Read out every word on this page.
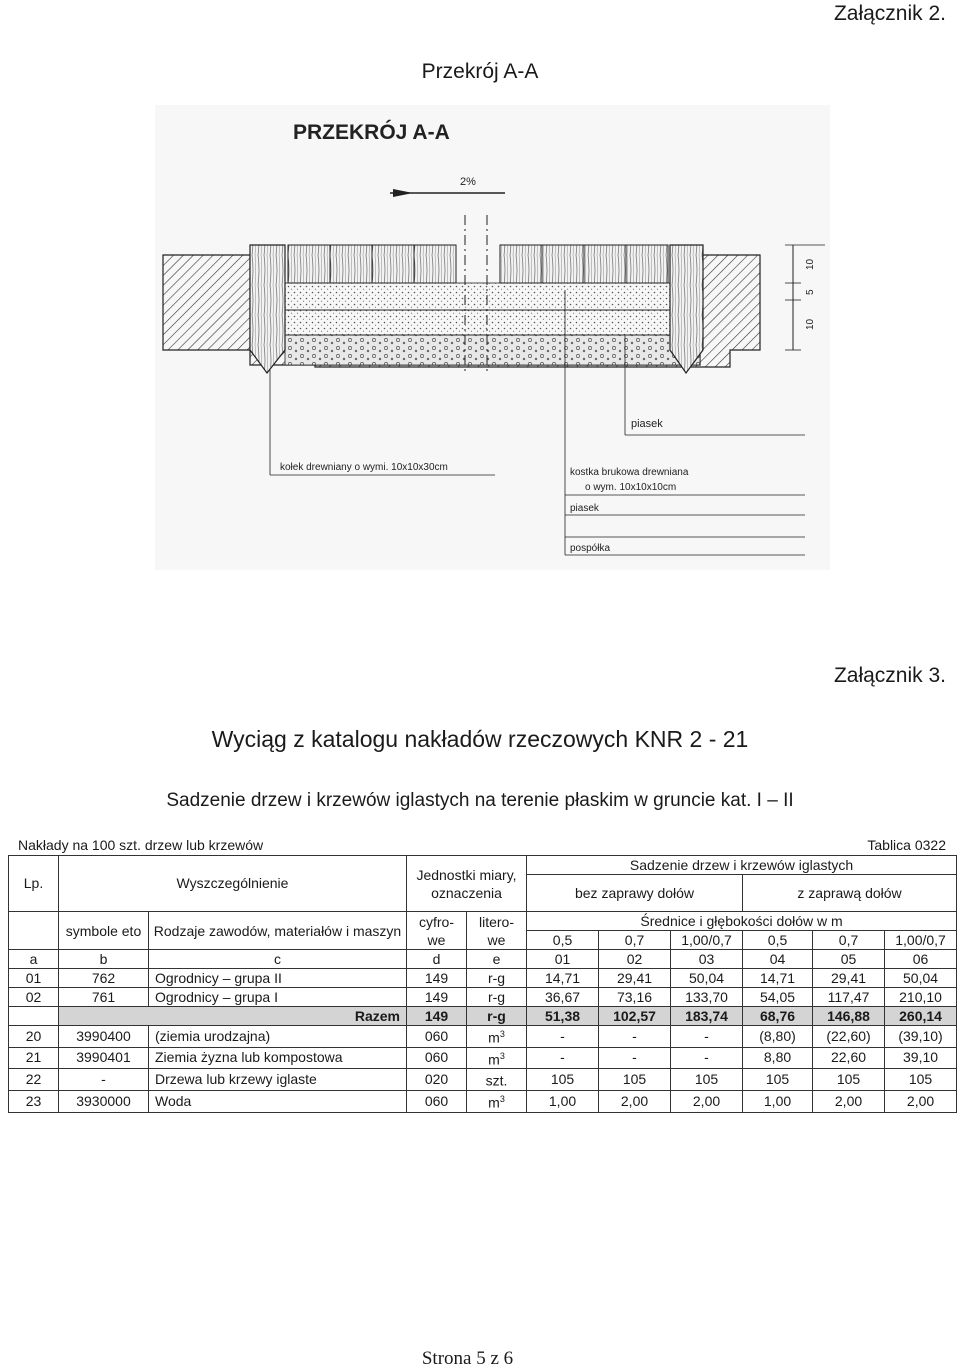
Załącznik 2.
Przekrój A-A
PRZEKRÓJ A-A
2%
10
5
10
piasek
kołek drewniany o wymi. 10x10x30cm	kostka brukowa drewniana
o wym. 10x10x10cm
piasek
pospółka
Załącznik 3.
Wyciąg z katalogu nakładów rzeczowych KNR 2 - 21
Sadzenie drzew i krzewów iglastych na terenie płaskim w gruncie kat. I – II
Nakłady na 100 szt. drzew lub krzewów	Tablica 0322
Lp.	Wyszczególnienie		Jednostki miary, oznaczenia		Sadzenie drzew i krzewów iglastych					
					bez zaprawy dołów			z zaprawą dołów		
	symbole eto	Rodzaje zawodów, materiałów i maszyn	cyfro- we	litero- we	Średnice i głębokości dołów w m					
					0,5	0,7	1,00/0,7	0,5	0,7	1,00/0,7
a	b	c	d	e	01	02	03	04	05	06
01	762	Ogrodnicy – grupa II	149	r-g	14,71	29,41	50,04	14,71	29,41	50,04
02	761	Ogrodnicy – grupa I	149	r-g	36,67	73,16	133,70	54,05	117,47	210,10
	Razem		149	r-g	51,38	102,57	183,74	68,76	146,88	260,14
20	3990400	(ziemia urodzajna)	060	$m^3$	-	-	-	(8,80)	(22,60)	(39,10)
21	3990401	Ziemia żyzna lub kompostowa	060	$m^3$	-	-	-	8,80	22,60	39,10
22	-	Drzewa lub krzewy iglaste	020	szt.	105	105	105	105	105	105
23	3930000	Woda	060	$m^3$	1,00	2,00	2,00	1,00	2,00	2,00
Strona 5 z 6
